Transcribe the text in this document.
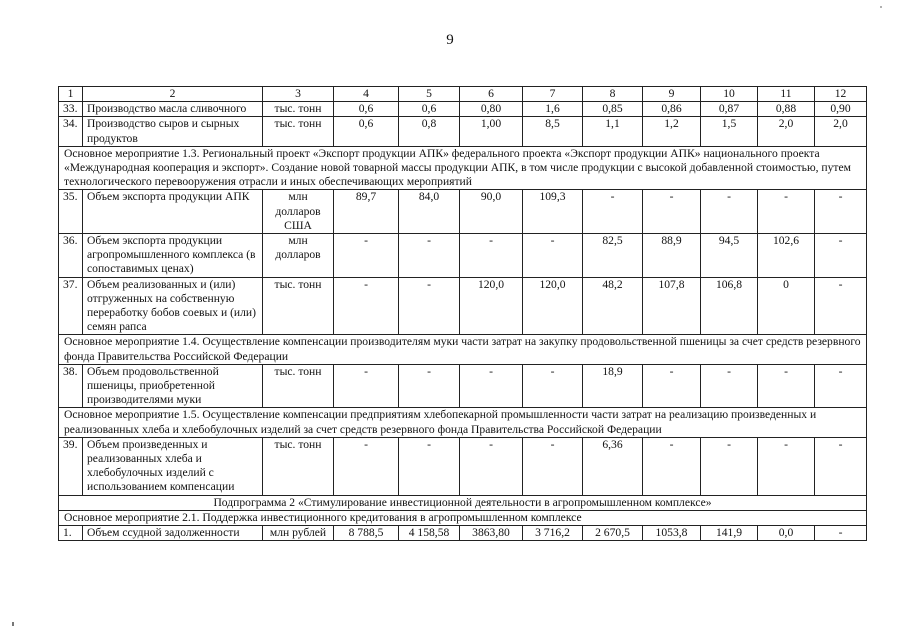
9
1	2	3	4	5	6	7	8	9	10	11	12
33.	Производство масла сливочного	тыс. тонн	0,6	0,6	0,80	1,6	0,85	0,86	0,87	0,88	0,90
34.	Производство сыров и сырных продуктов	тыс. тонн	0,6	0,8	1,00	8,5	1,1	1,2	1,5	2,0	2,0
Основное мероприятие 1.3. Региональный проект «Экспорт продукции АПК» федерального проекта «Экспорт продукции АПК» национального проекта «Международная кооперация и экспорт». Создание новой товарной массы продукции АПК, в том числе продукции с высокой добавленной стоимостью, путем технологического перевооружения отрасли и иных обеспечивающих мероприятий											
35.	Объем экспорта продукции АПК	млн долларов США	89,7	84,0	90,0	109,3	-	-	-	-	-
36.	Объем экспорта продукции агропромышленного комплекса (в сопоставимых ценах)	млн долларов	-	-	-	-	82,5	88,9	94,5	102,6	-
37.	Объем реализованных и (или) отгруженных на собственную переработку бобов соевых и (или) семян рапса	тыс. тонн	-	-	120,0	120,0	48,2	107,8	106,8	0	-
Основное мероприятие 1.4. Осуществление компенсации производителям муки части затрат на закупку продовольственной пшеницы за счет средств резервного фонда Правительства Российской Федерации											
38.	Объем продовольственной пшеницы, приобретенной производителями муки	тыс. тонн	-	-	-	-	18,9	-	-	-	-
Основное мероприятие 1.5. Осуществление компенсации предприятиям хлебопекарной промышленности части затрат на реализацию произведенных и реализованных хлеба и хлебобулочных изделий за счет средств резервного фонда Правительства Российской Федерации											
39.	Объем произведенных и реализованных хлеба и хлебобулочных изделий с использованием компенсации	тыс. тонн	-	-	-	-	6,36	-	-	-	-
Подпрограмма 2 «Стимулирование инвестиционной деятельности в агропромышленном комплексе»											
Основное мероприятие 2.1. Поддержка инвестиционного кредитования в агропромышленном комплексе											
1.	Объем ссудной задолженности	млн рублей	8 788,5	4 158,58	3863,80	3 716,2	2 670,5	1053,8	141,9	0,0	-
